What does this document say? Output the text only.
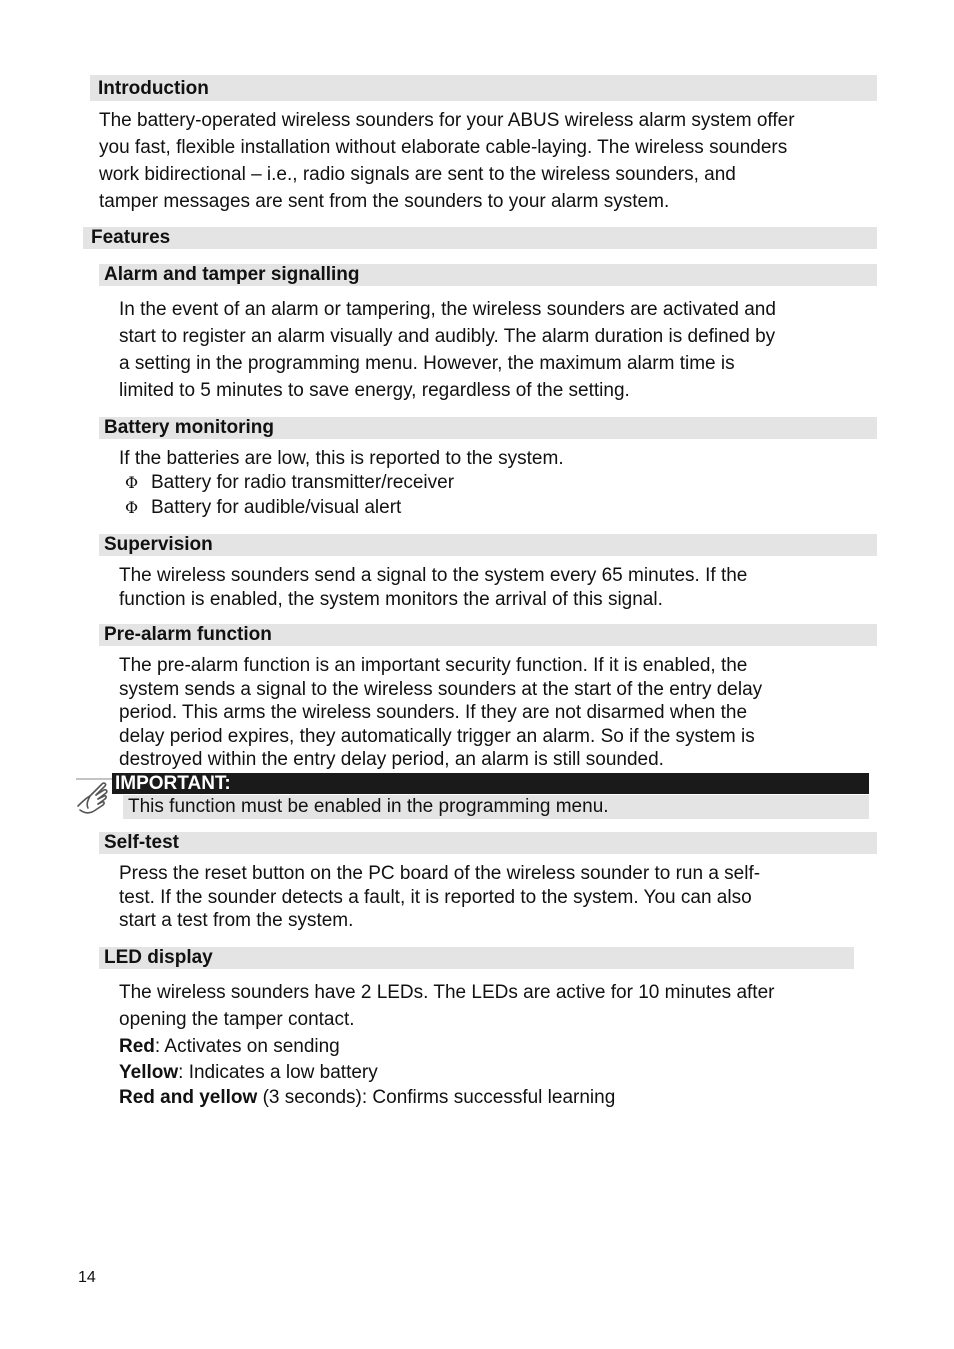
Introduction
The battery-operated wireless sounders for your ABUS wireless alarm system offer
you fast, flexible installation without elaborate cable-laying. The wireless sounders
work bidirectional – i.e., radio signals are sent to the wireless sounders, and
tamper messages are sent from the sounders to your alarm system.
Features
Alarm and tamper signalling
In the event of an alarm or tampering, the wireless sounders are activated and
start to register an alarm visually and audibly. The alarm duration is defined by
a setting in the programming menu. However, the maximum alarm time is
limited to 5 minutes to save energy, regardless of the setting.
Battery monitoring
If the batteries are low, this is reported to the system.
Φ Battery for radio transmitter/receiver
Φ Battery for audible/visual alert
Supervision
The wireless sounders send a signal to the system every 65 minutes. If the
function is enabled, the system monitors the arrival of this signal.
Pre-alarm function
The pre-alarm function is an important security function. If it is enabled, the
system sends a signal to the wireless sounders at the start of the entry delay
period. This arms the wireless sounders. If they are not disarmed when the
delay period expires, they automatically trigger an alarm. So if the system is
destroyed within the entry delay period, an alarm is still sounded.
IMPORTANT:
This function must be enabled in the programming menu.
Self-test
Press the reset button on the PC board of the wireless sounder to run a self-
test. If the sounder detects a fault, it is reported to the system. You can also
start a test from the system.
LED display
The wireless sounders have 2 LEDs. The LEDs are active for 10 minutes after
opening the tamper contact.
Red: Activates on sending
Yellow: Indicates a low battery
Red and yellow (3 seconds): Confirms successful learning
14
